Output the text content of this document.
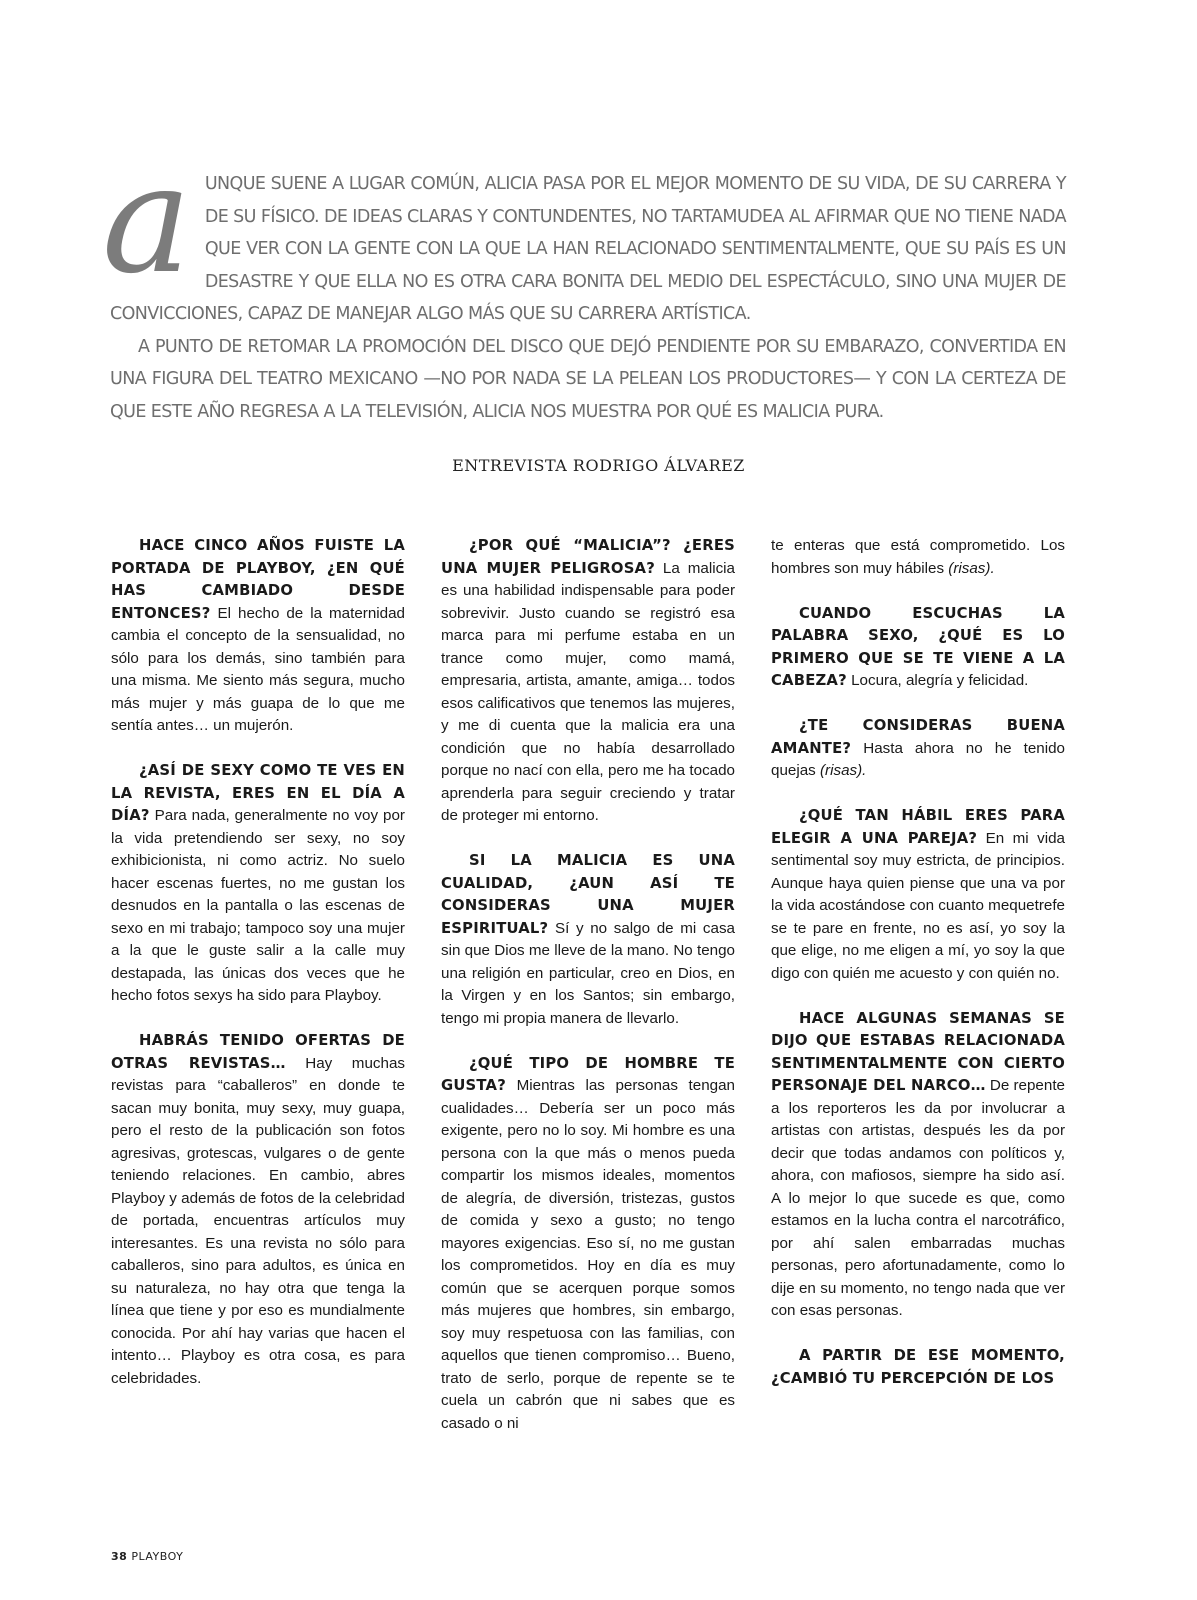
a UNQUE SUENE A LUGAR COMÚN, ALICIA PASA POR EL MEJOR MOMENTO DE SU VIDA, DE SU CARRERA Y DE SU FÍSICO. DE IDEAS CLARAS Y CONTUNDENTES, NO TARTAMUDEA AL AFIRMAR QUE NO TIENE NADA QUE VER CON LA GENTE CON LA QUE LA HAN RELACIONADO SENTIMENTALMENTE, QUE SU PAÍS ES UN DESASTRE Y QUE ELLA NO ES OTRA CARA BONITA DEL MEDIO DEL ESPECTÁCULO, SINO UNA MUJER DE CONVICCIONES, CAPAZ DE MANEJAR ALGO MÁS QUE SU CARRERA ARTÍSTICA.

A PUNTO DE RETOMAR LA PROMOCIÓN DEL DISCO QUE DEJÓ PENDIENTE POR SU EMBARAZO, CONVERTIDA EN UNA FIGURA DEL TEATRO MEXICANO —NO POR NADA SE LA PELEAN LOS PRODUCTORES— Y CON LA CERTEZA DE QUE ESTE AÑO REGRESA A LA TELEVISIÓN, ALICIA NOS MUESTRA POR QUÉ ES MALICIA PURA.

ENTREVISTA RODRIGO ÁLVAREZ

HACE CINCO AÑOS FUISTE LA PORTADA DE PLAYBOY, ¿EN QUÉ HAS CAMBIADO DESDE ENTONCES? El hecho de la maternidad cambia el concepto de la sensualidad, no sólo para los demás, sino también para una misma. Me siento más segura, mucho más mujer y más guapa de lo que me sentía antes… un mujerón.

¿ASÍ DE SEXY COMO TE VES EN LA REVISTA, ERES EN EL DÍA A DÍA? Para nada, generalmente no voy por la vida pretendiendo ser sexy, no soy exhibicionista, ni como actriz. No suelo hacer escenas fuertes, no me gustan los desnudos en la pantalla o las escenas de sexo en mi trabajo; tampoco soy una mujer a la que le guste salir a la calle muy destapada, las únicas dos veces que he hecho fotos sexys ha sido para Playboy.

HABRÁS TENIDO OFERTAS DE OTRAS REVISTAS… Hay muchas revistas para “caballeros” en donde te sacan muy bonita, muy sexy, muy guapa, pero el resto de la publicación son fotos agresivas, grotescas, vulgares o de gente teniendo relaciones. En cambio, abres Playboy y además de fotos de la celebridad de portada, encuentras artículos muy interesantes. Es una revista no sólo para caballeros, sino para adultos, es única en su naturaleza, no hay otra que tenga la línea que tiene y por eso es mundialmente conocida. Por ahí hay varias que hacen el intento… Playboy es otra cosa, es para celebridades.

¿POR QUÉ “MALICIA”? ¿ERES UNA MUJER PELIGROSA? La malicia es una habilidad indispensable para poder sobrevivir. Justo cuando se registró esa marca para mi perfume estaba en un trance como mujer, como mamá, empresaria, artista, amante, amiga… todos esos calificativos que tenemos las mujeres, y me di cuenta que la malicia era una condición que no había desarrollado porque no nací con ella, pero me ha tocado aprenderla para seguir creciendo y tratar de proteger mi entorno.

SI LA MALICIA ES UNA CUALIDAD, ¿AUN ASÍ TE CONSIDERAS UNA MUJER ESPIRITUAL? Sí y no salgo de mi casa sin que Dios me lleve de la mano. No tengo una religión en particular, creo en Dios, en la Virgen y en los Santos; sin embargo, tengo mi propia manera de llevarlo.

¿QUÉ TIPO DE HOMBRE TE GUSTA? Mientras las personas tengan cualidades… Debería ser un poco más exigente, pero no lo soy. Mi hombre es una persona con la que más o menos pueda compartir los mismos ideales, momentos de alegría, de diversión, tristezas, gustos de comida y sexo a gusto; no tengo mayores exigencias. Eso sí, no me gustan los comprometidos. Hoy en día es muy común que se acerquen porque somos más mujeres que hombres, sin embargo, soy muy respetuosa con las familias, con aquellos que tienen compromiso… Bueno, trato de serlo, porque de repente se te cuela un cabrón que ni sabes que es casado o ni

te enteras que está comprometido. Los hombres son muy hábiles (risas).

CUANDO ESCUCHAS LA PALABRA SEXO, ¿QUÉ ES LO PRIMERO QUE SE TE VIENE A LA CABEZA? Locura, alegría y felicidad.

¿TE CONSIDERAS BUENA AMANTE? Hasta ahora no he tenido quejas (risas).

¿QUÉ TAN HÁBIL ERES PARA ELEGIR A UNA PAREJA? En mi vida sentimental soy muy estricta, de principios. Aunque haya quien piense que una va por la vida acostándose con cuanto mequetrefe se te pare en frente, no es así, yo soy la que elige, no me eligen a mí, yo soy la que digo con quién me acuesto y con quién no.

HACE ALGUNAS SEMANAS SE DIJO QUE ESTABAS RELACIONADA SENTIMENTALMENTE CON CIERTO PERSONAJE DEL NARCO… De repente a los reporteros les da por involucrar a artistas con artistas, después les da por decir que todas andamos con políticos y, ahora, con mafiosos, siempre ha sido así. A lo mejor lo que sucede es que, como estamos en la lucha contra el narcotráfico, por ahí salen embarradas muchas personas, pero afortunadamente, como lo dije en su momento, no tengo nada que ver con esas personas.

A PARTIR DE ESE MOMENTO, ¿CAMBIÓ TU PERCEPCIÓN DE LOS

38 PLAYBOY
